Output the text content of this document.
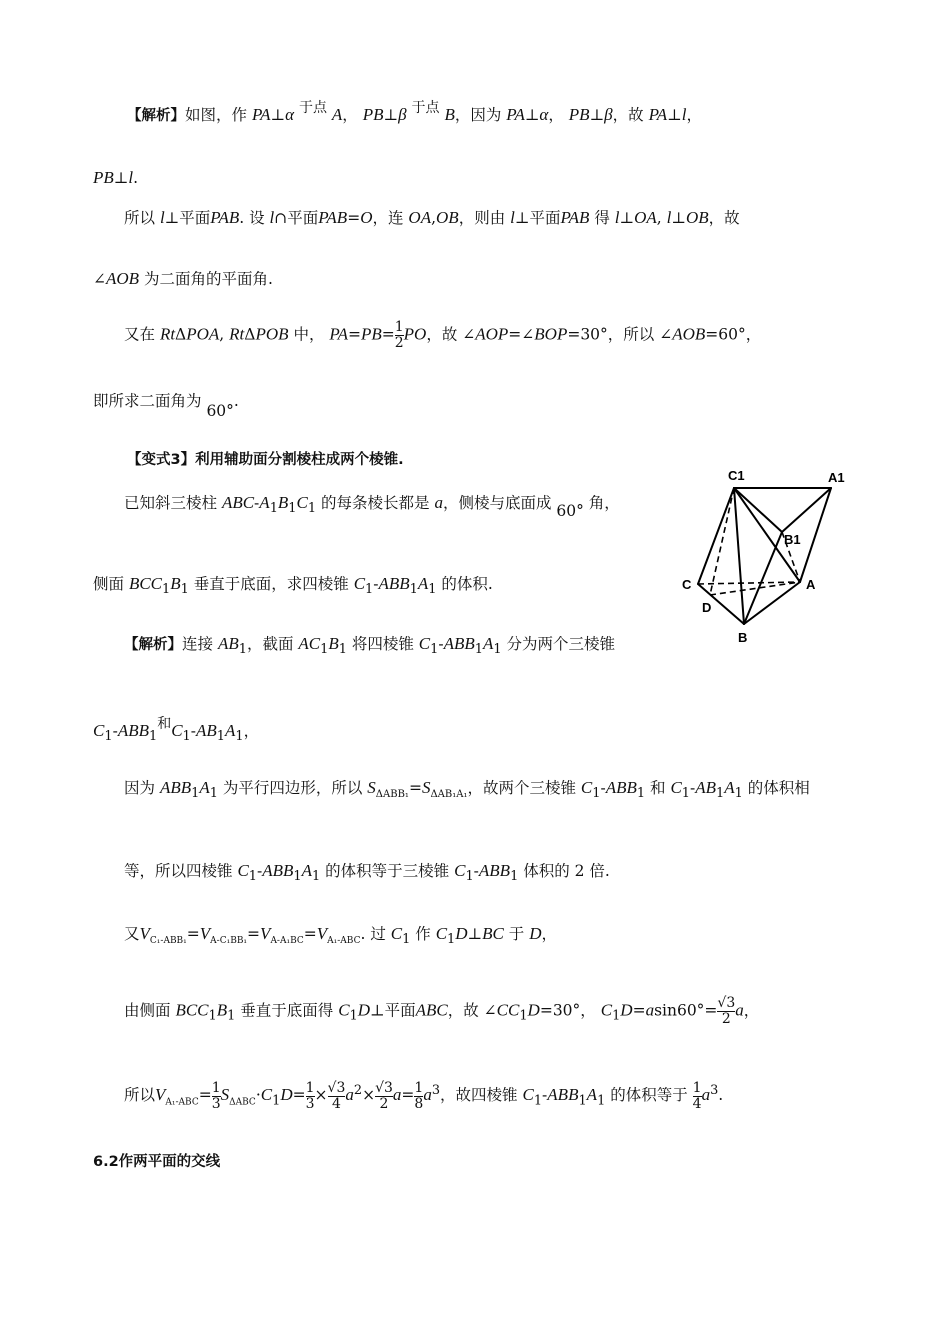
【解析】如图，作 PA⊥α 于点 A， PB⊥β 于点 B，因为 PA⊥α， PB⊥β，故 PA⊥l，
PB⊥l.
所以 l⊥平面PAB. 设 l∩平面PAB=O，连 OA,OB，则由 l⊥平面PAB 得 l⊥OA, l⊥OB，故
∠AOB 为二面角的平面角.
又在 RtΔPOA, RtΔPOB 中， $PA=PB= \frac{1}{2}$ PO，故 ∠AOP=∠BOP=30°，所以 ∠AOB=60°，
即所求二面角为 60°.
【变式3】利用辅助面分割棱柱成两个棱锥.
已知斜三棱柱 ABC-$A_1B_1C_1$ 的每条棱长都是 a，侧棱与底面成 60° 角，
侧面 $BCC_1B_1$ 垂直于底面，求四棱锥 $C_1-ABB_1A_1$ 的体积.
【解析】连接 $AB_1$，截面 $AC_1B_1$ 将四棱锥 $C_1-ABB_1A_1$ 分为两个三棱锥
$C_1-ABB_1$和$C_1-AB_1A_1$，
因为 $ABB_1A_1$ 为平行四边形，所以 $S_{\Delta ABB_1}=S_{\Delta AB_1A_1}$，故两个三棱锥 $C_1-ABB_1$ 和 $C_1-AB_1A_1$ 的体积相
等，所以四棱锥 $C_1-ABB_1A_1$ 的体积等于三棱锥 $C_1-ABB_1$ 体积的 2 倍.
又$V_{C_1-ABB_1}=V_{A-C_1BB_1}=V_{A-A_1BC}=V_{A_1-ABC}$. 过 $C_1$ 作 $C_1D\perp BC$ 于 D，
由侧面 $BCC_1B_1$ 垂直于底面得 $C_1D\perp$平面ABC，故 $\angle CC_1D=30^\circ$， $C_1D=asin60^\circ= \frac{√3}{2}$ a，
所以$V_{A_1-ABC}= \frac{1}{3} S_{\Delta ABC}\cdot C_1D= \frac{1}{3} \times \frac{√3}{4} a^2\times \frac{√3}{2} a= \frac{1}{8} a^3$，故四棱锥 $C_1-ABB_1A_1$ 的体积等于 $\frac{1}{4} a^3$.
6.2作两平面的交线
C1	A1
B1
C	A
D
B
